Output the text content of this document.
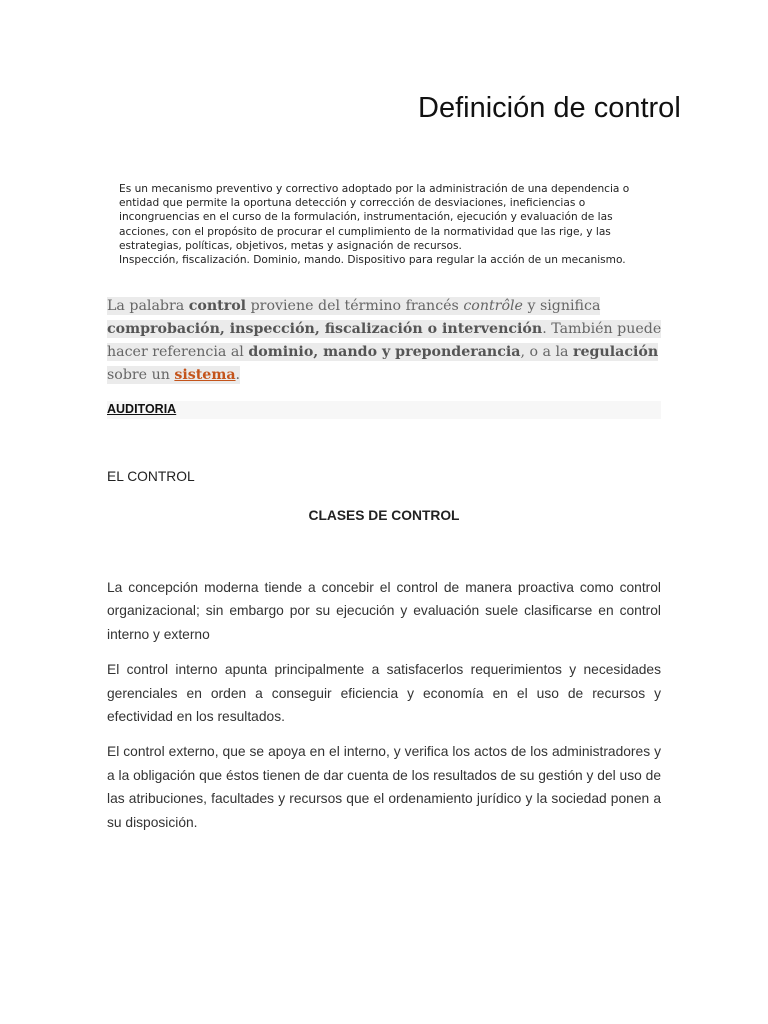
Definición de control

Es un mecanismo preventivo y correctivo adoptado por la administración de una dependencia o entidad que permite la oportuna detección y corrección de desviaciones, ineficiencias o incongruencias en el curso de la formulación, instrumentación, ejecución y evaluación de las acciones, con el propósito de procurar el cumplimiento de la normatividad que las rige, y las estrategias, políticas, objetivos, metas y asignación de recursos.

Inspección, fiscalización. Dominio, mando. Dispositivo para regular la acción de un mecanismo.

La palabra control proviene del término francés contrôle y significa comprobación, inspección, fiscalización o intervención. También puede hacer referencia al dominio, mando y preponderancia, o a la regulación sobre un sistema.
AUDITORIA
EL CONTROL
CLASES DE CONTROL

La concepción moderna tiende a concebir el control de manera proactiva como control organizacional; sin embargo por su ejecución y evaluación suele clasificarse en control interno y externo

El control interno apunta principalmente a satisfacerlos requerimientos y necesidades gerenciales en orden a conseguir eficiencia y economía en el uso de recursos y efectividad en los resultados.

El control externo, que se apoya en el interno, y verifica los actos de los administradores y a la obligación que éstos tienen de dar cuenta de los resultados de su gestión y del uso de las atribuciones, facultades y recursos que el ordenamiento jurídico y la sociedad ponen a su disposición.
